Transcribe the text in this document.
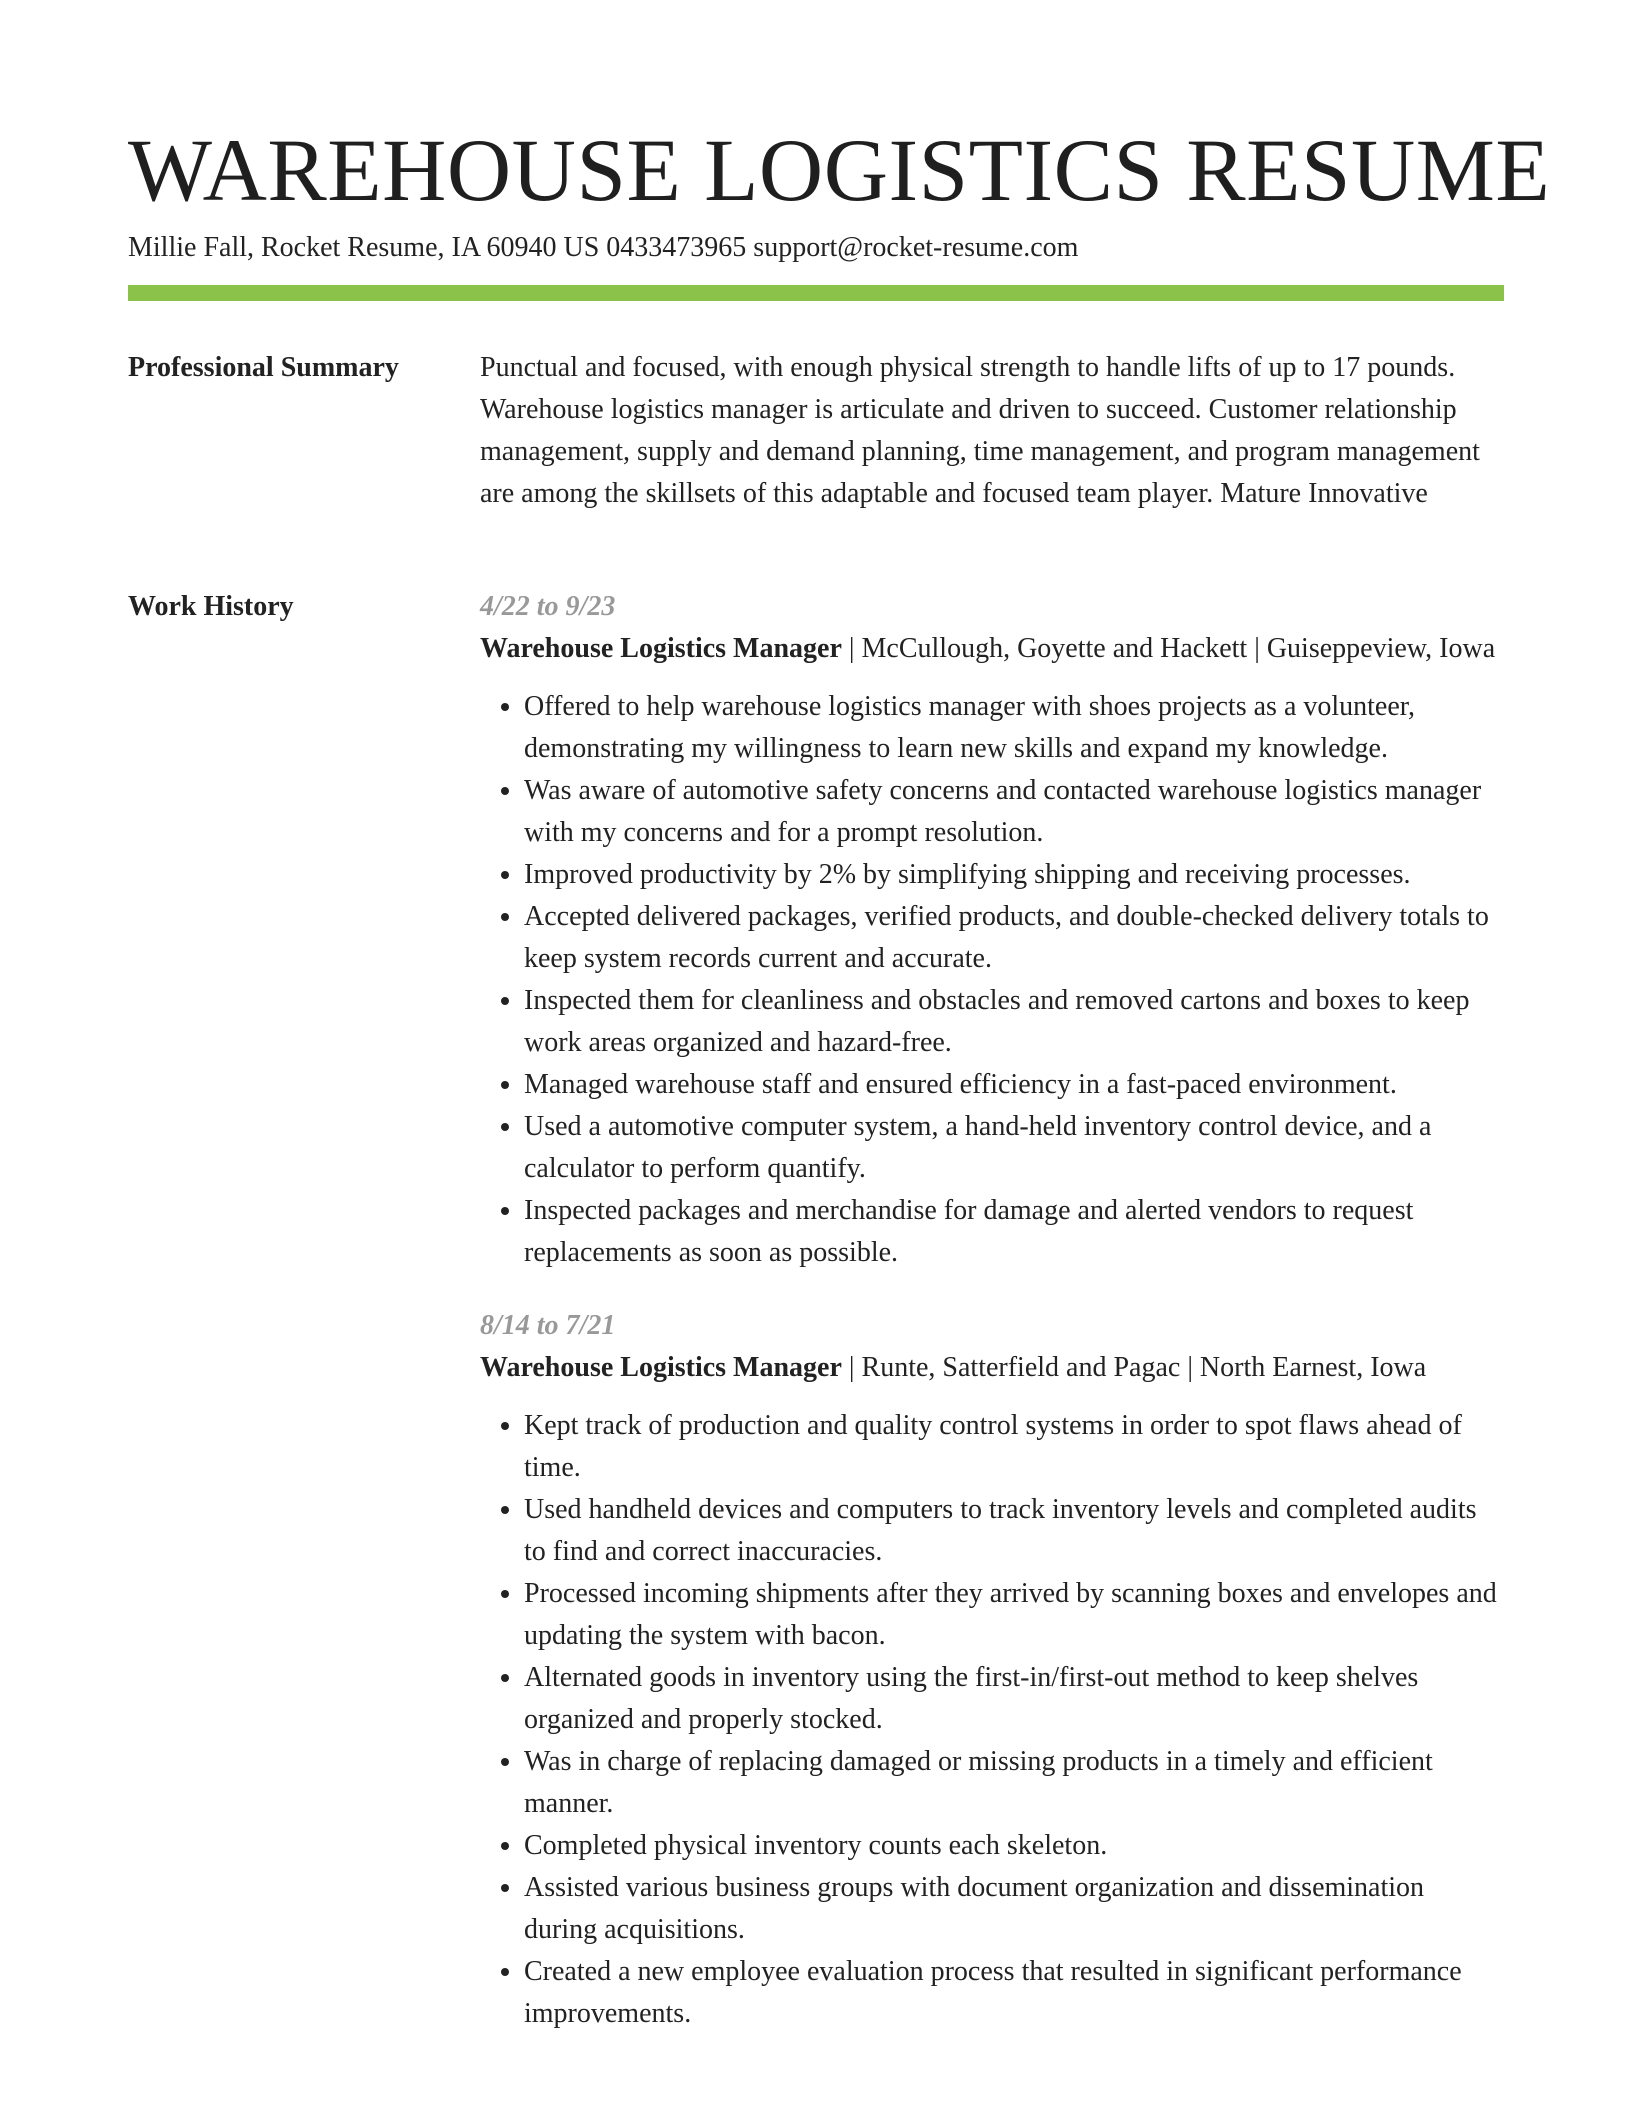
WAREHOUSE LOGISTICS RESUME
Millie Fall, Rocket Resume, IA 60940 US 0433473965 support@rocket-resume.com
Professional Summary	Punctual and focused, with enough physical strength to handle lifts of up to 17 pounds. Warehouse logistics manager is articulate and driven to succeed. Customer relationship management, supply and demand planning, time management, and program management are among the skillsets of this adaptable and focused team player. Mature Innovative

Work History	4/22 to 9/23
Warehouse Logistics Manager | McCullough, Goyette and Hackett | Guiseppeview, Iowa
• Offered to help warehouse logistics manager with shoes projects as a volunteer, demonstrating my willingness to learn new skills and expand my knowledge.
• Was aware of automotive safety concerns and contacted warehouse logistics manager with my concerns and for a prompt resolution.
• Improved productivity by 2% by simplifying shipping and receiving processes.
• Accepted delivered packages, verified products, and double-checked delivery totals to keep system records current and accurate.
• Inspected them for cleanliness and obstacles and removed cartons and boxes to keep work areas organized and hazard-free.
• Managed warehouse staff and ensured efficiency in a fast-paced environment.
• Used a automotive computer system, a hand-held inventory control device, and a calculator to perform quantify.
• Inspected packages and merchandise for damage and alerted vendors to request replacements as soon as possible.
8/14 to 7/21
Warehouse Logistics Manager | Runte, Satterfield and Pagac | North Earnest, Iowa
• Kept track of production and quality control systems in order to spot flaws ahead of time.
• Used handheld devices and computers to track inventory levels and completed audits to find and correct inaccuracies.
• Processed incoming shipments after they arrived by scanning boxes and envelopes and updating the system with bacon.
• Alternated goods in inventory using the first-in/first-out method to keep shelves organized and properly stocked.
• Was in charge of replacing damaged or missing products in a timely and efficient manner.
• Completed physical inventory counts each skeleton.
• Assisted various business groups with document organization and dissemination during acquisitions.
• Created a new employee evaluation process that resulted in significant performance improvements.
